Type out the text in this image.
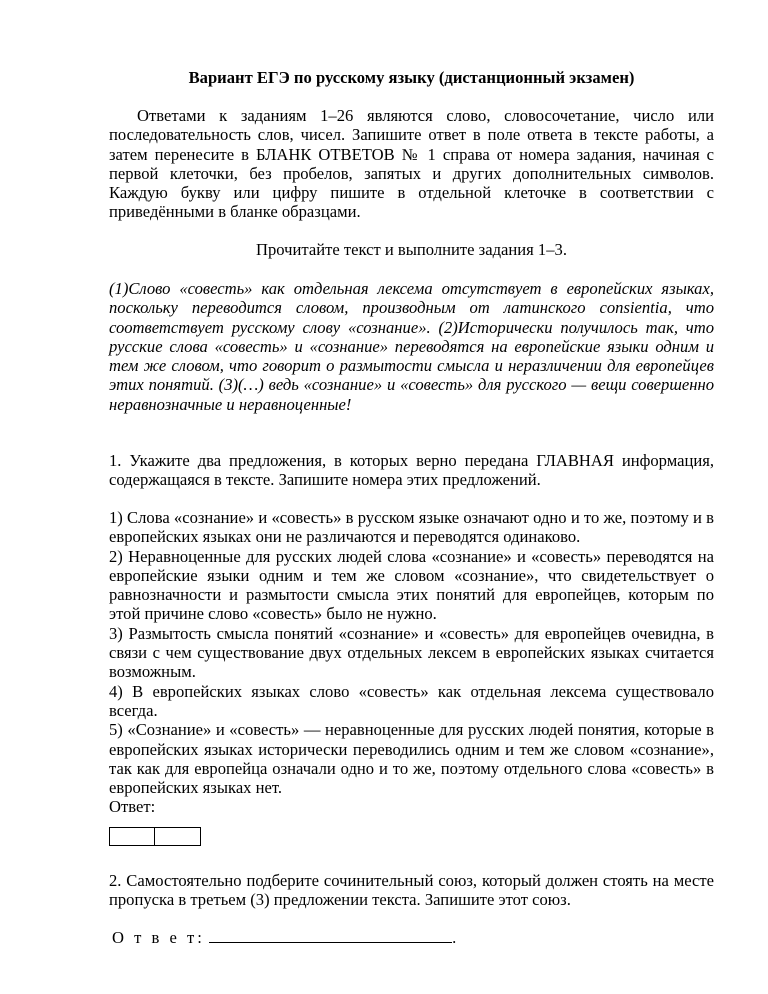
Вариант ЕГЭ по русскому языку (дистанционный экзамен)

Ответами к заданиям 1–26 являются слово, словосочетание, число или последовательность слов, чисел. Запишите ответ в поле ответа в тексте работы, а затем перенесите в БЛАНК ОТВЕТОВ № 1 справа от номера задания, начиная с первой клеточки, без пробелов, запятых и других дополнительных символов. Каждую букву или цифру пишите в отдельной клеточке в соответствии с приведёнными в бланке образцами.

Прочитайте текст и выполните задания 1–3.

(1)Слово «совесть» как отдельная лексема отсутствует в европейских языках, поскольку переводится словом, производным от латинского consientia, что соответствует русскому слову «сознание». (2)Исторически получилось так, что русские слова «совесть» и «сознание» переводятся на европейские языки одним и тем же словом, что говорит о размытости смысла и неразличении для европейцев этих понятий. (3)(…) ведь «сознание» и «совесть» для русского — вещи совершенно неравнозначные и неравноценные!

1. Укажите два предложения, в которых верно передана ГЛАВНАЯ информация, содержащаяся в тексте. Запишите номера этих предложений.

1) Слова «сознание» и «совесть» в русском языке означают одно и то же, поэтому и в европейских языках они не различаются и переводятся одинаково.

2) Неравноценные для русских людей слова «сознание» и «совесть» переводятся на европейские языки одним и тем же словом «сознание», что свидетельствует о равнозначности и размытости смысла этих понятий для европейцев, которым по этой причине слово «совесть» было не нужно.

3) Размытость смысла понятий «сознание» и «совесть» для европейцев очевидна, в связи с чем существование двух отдельных лексем в европейских языках считается возможным.

4) В европейских языках слово «совесть» как отдельная лексема существовало всегда.

5) «Сознание» и «совесть» — неравноценные для русских людей понятия, которые в европейских языках исторически переводились одним и тем же словом «сознание», так как для европейца означали одно и то же, поэтому отдельного слова «совесть» в европейских языках нет.

Ответ:

2. Самостоятельно подберите сочинительный союз, который должен стоять на месте пропуска в третьем (3) предложении текста. Запишите этот союз.

О т в е т:	.
